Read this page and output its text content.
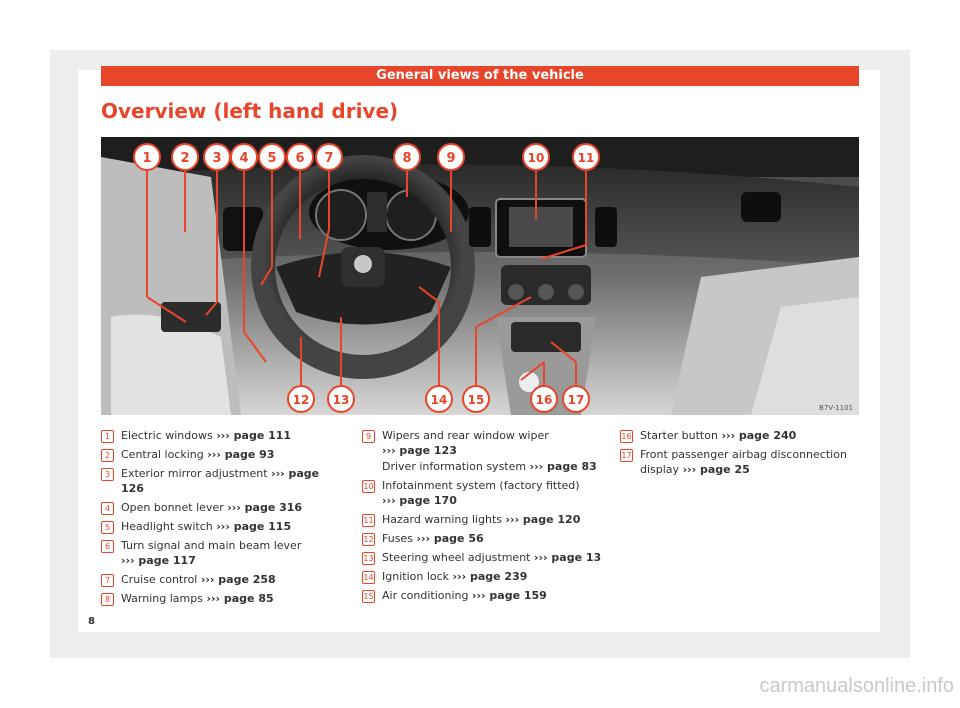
General views of the vehicle
Overview (left hand drive)
1 2 3 4 5 6 7	8	9	10	11
12 13	14 15	16 17
B7V-1101
1 Electric windows ››› page 111
2 Central locking ››› page 93
3 Exterior mirror adjustment ››› page 126
4 Open bonnet lever ››› page 316
5 Headlight switch ››› page 115
6 Turn signal and main beam lever
››› page 117
7 Cruise control ››› page 258
8 Warning lamps ››› page 85
9 Wipers and rear window wiper
››› page 123
Driver information system ››› page 83
10 Infotainment system (factory fitted)
››› page 170
11 Hazard warning lights ››› page 120
12 Fuses ››› page 56
13 Steering wheel adjustment ››› page 13
14 Ignition lock ››› page 239
15 Air conditioning ››› page 159
16 Starter button ››› page 240
17 Front passenger airbag disconnection display ››› page 25
8
carmanualsonline.info
